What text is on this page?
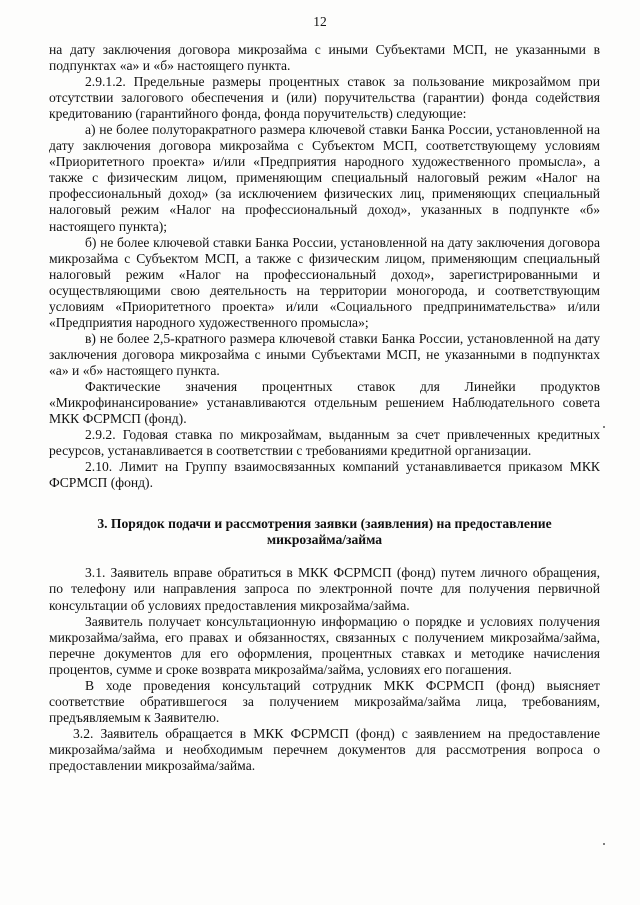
12

на дату заключения договора микрозайма с иными Субъектами МСП, не указанными в подпунктах «а» и «б» настоящего пункта.

2.9.1.2. Предельные размеры процентных ставок за пользование микрозаймом при отсутствии залогового обеспечения и (или) поручительства (гарантии) фонда содействия кредитованию (гарантийного фонда, фонда поручительств) следующие:

а) не более полуторакратного размера ключевой ставки Банка России, установленной на дату заключения договора микрозайма с Субъектом МСП, соответствующему условиям «Приоритетного проекта» и/или «Предприятия народного художественного промысла», а также с физическим лицом, применяющим специальный налоговый режим «Налог на профессиональный доход» (за исключением физических лиц, применяющих специальный налоговый режим «Налог на профессиональный доход», указанных в подпункте «б» настоящего пункта);

б) не более ключевой ставки Банка России, установленной на дату заключения договора микрозайма с Субъектом МСП, а также с физическим лицом, применяющим специальный налоговый режим «Налог на профессиональный доход», зарегистрированными и осуществляющими свою деятельность на территории моногорода, и соответствующим условиям «Приоритетного проекта» и/или «Социального предпринимательства» и/или «Предприятия народного художественного промысла»;

в) не более 2,5-кратного размера ключевой ставки Банка России, установленной на дату заключения договора микрозайма с иными Субъектами МСП, не указанными в подпунктах «а» и «б» настоящего пункта.

Фактические значения процентных ставок для Линейки продуктов «Микрофинансирование» устанавливаются отдельным решением Наблюдательного совета МКК ФСРМСП (фонд).

2.9.2. Годовая ставка по микрозаймам, выданным за счет привлеченных кредитных ресурсов, устанавливается в соответствии с требованиями кредитной организации.

2.10. Лимит на Группу взаимосвязанных компаний устанавливается приказом МКК ФСРМСП (фонд).

3. Порядок подачи и рассмотрения заявки (заявления) на предоставление микрозайма/займа

3.1. Заявитель вправе обратиться в МКК ФСРМСП (фонд) путем личного обращения, по телефону или направления запроса по электронной почте для получения первичной консультации об условиях предоставления микрозайма/займа.

Заявитель получает консультационную информацию о порядке и условиях получения микрозайма/займа, его правах и обязанностях, связанных с получением микрозайма/займа, перечне документов для его оформления, процентных ставках и методике начисления процентов, сумме и сроке возврата микрозайма/займа, условиях его погашения.

В ходе проведения консультаций сотрудник МКК ФСРМСП (фонд) выясняет соответствие обратившегося за получением микрозайма/займа лица, требованиям, предъявляемым к Заявителю.

3.2. Заявитель обращается в МКК ФСРМСП (фонд) с заявлением на предоставление микрозайма/займа и необходимым перечнем документов для рассмотрения вопроса о предоставлении микрозайма/займа.
